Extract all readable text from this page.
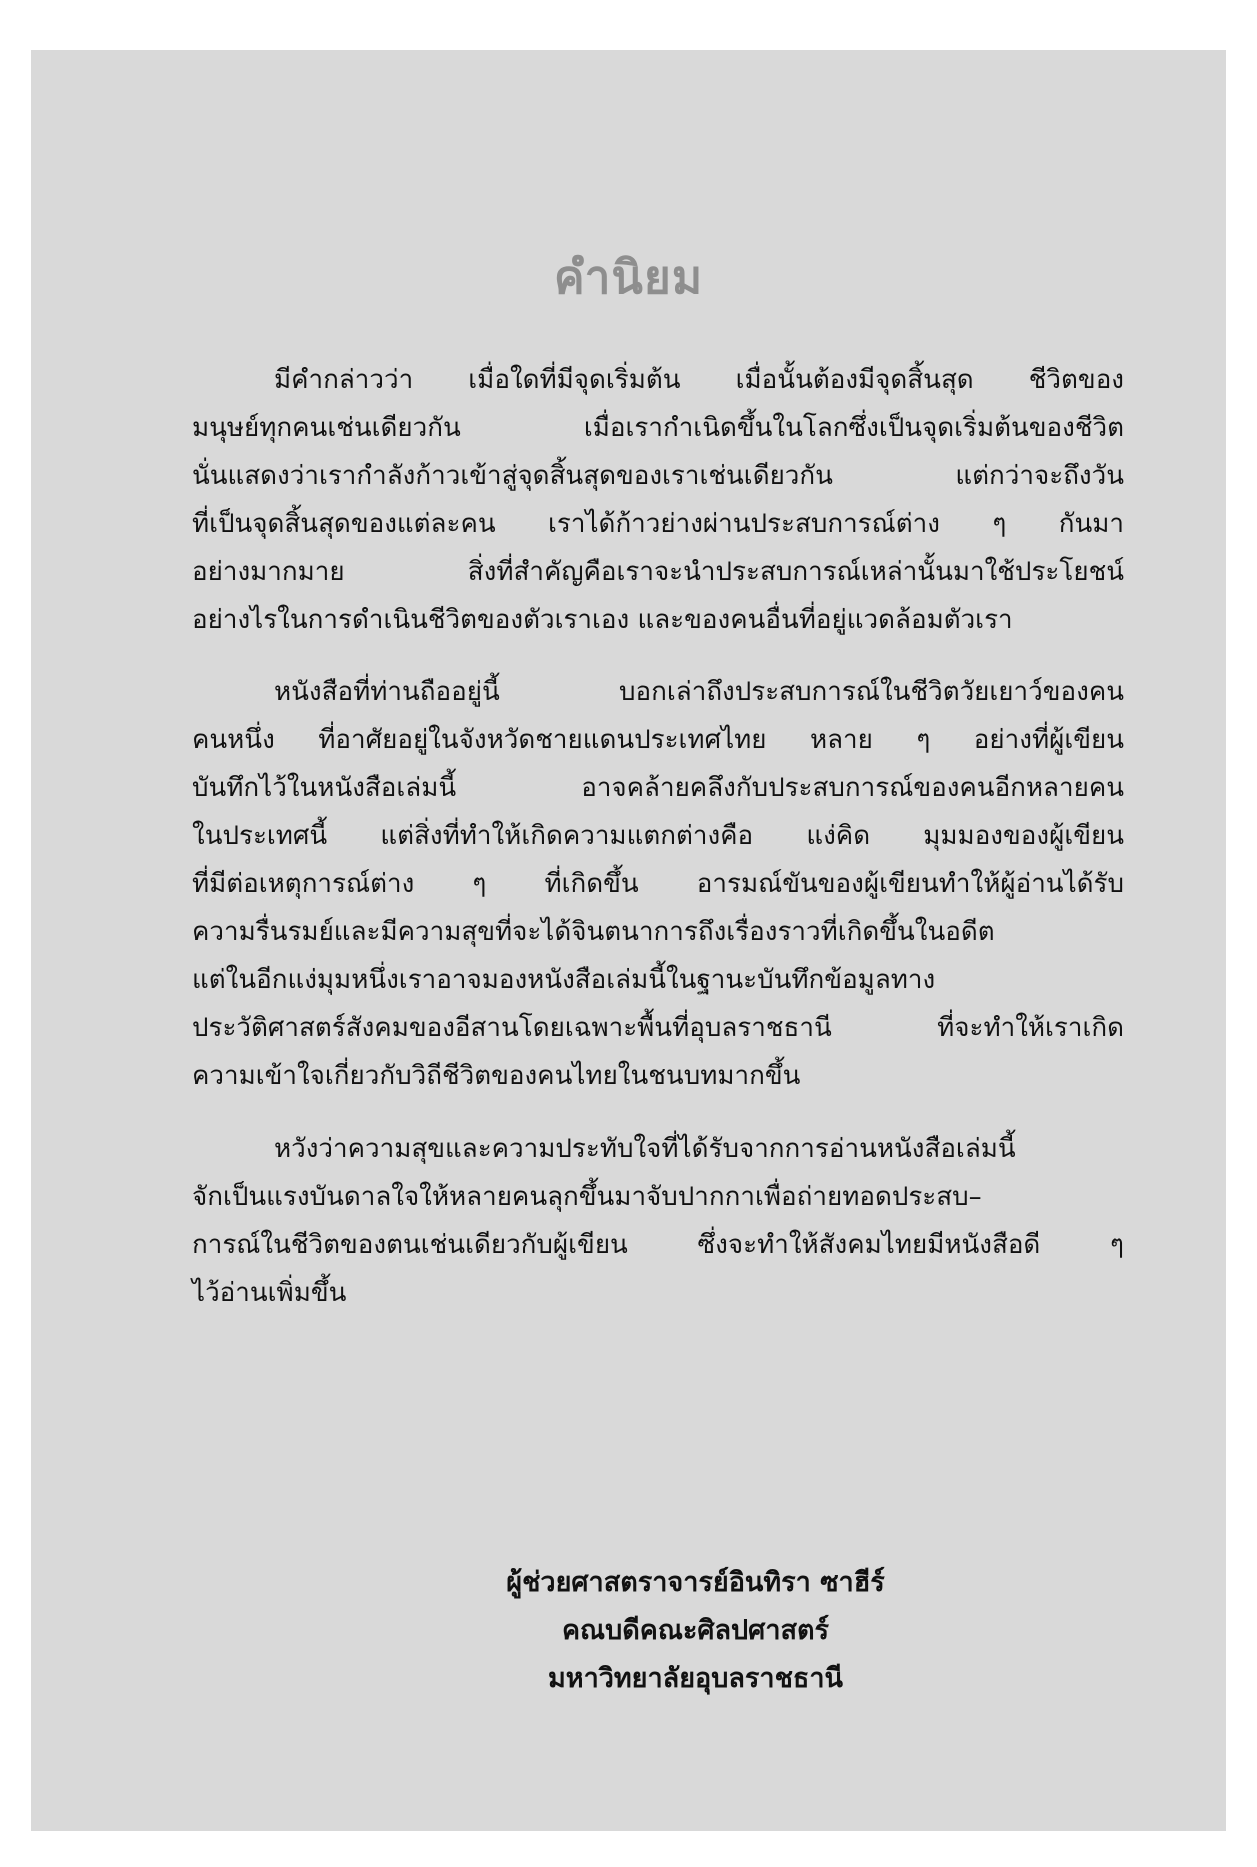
คำนิยม
มีคำกล่าวว่า เมื่อใดที่มีจุดเริ่มต้น เมื่อนั้นต้องมีจุดสิ้นสุด ชีวิตของ
มนุษย์ทุกคนเช่นเดียวกัน เมื่อเรากำเนิดขึ้นในโลกซึ่งเป็นจุดเริ่มต้นของชีวิต
นั่นแสดงว่าเรากำลังก้าวเข้าสู่จุดสิ้นสุดของเราเช่นเดียวกัน แต่กว่าจะถึงวัน
ที่เป็นจุดสิ้นสุดของแต่ละคน เราได้ก้าวย่างผ่านประสบการณ์ต่าง ๆ กันมา
อย่างมากมาย สิ่งที่สำคัญคือเราจะนำประสบการณ์เหล่านั้นมาใช้ประโยชน์
อย่างไรในการดำเนินชีวิตของตัวเราเอง และของคนอื่นที่อยู่แวดล้อมตัวเรา
หนังสือที่ท่านถืออยู่นี้ บอกเล่าถึงประสบการณ์ในชีวิตวัยเยาว์ของคน
คนหนึ่ง ที่อาศัยอยู่ในจังหวัดชายแดนประเทศไทย หลาย ๆ อย่างที่ผู้เขียน
บันทึกไว้ในหนังสือเล่มนี้ อาจคล้ายคลึงกับประสบการณ์ของคนอีกหลายคน
ในประเทศนี้ แต่สิ่งที่ทำให้เกิดความแตกต่างคือ แง่คิด มุมมองของผู้เขียน
ที่มีต่อเหตุการณ์ต่าง ๆ ที่เกิดขึ้น อารมณ์ขันของผู้เขียนทำให้ผู้อ่านได้รับ
ความรื่นรมย์และมีความสุขที่จะได้จินตนาการถึงเรื่องราวที่เกิดขึ้นในอดีต
แต่ในอีกแง่มุมหนึ่งเราอาจมองหนังสือเล่มนี้ในฐานะบันทึกข้อมูลทาง
ประวัติศาสตร์สังคมของอีสานโดยเฉพาะพื้นที่อุบลราชธานี ที่จะทำให้เราเกิด
ความเข้าใจเกี่ยวกับวิถีชีวิตของคนไทยในชนบทมากขึ้น
หวังว่าความสุขและความประทับใจที่ได้รับจากการอ่านหนังสือเล่มนี้
จักเป็นแรงบันดาลใจให้หลายคนลุกขึ้นมาจับปากกาเพื่อถ่ายทอดประสบ–
การณ์ในชีวิตของตนเช่นเดียวกับผู้เขียน ซึ่งจะทำให้สังคมไทยมีหนังสือดี ๆ
ไว้อ่านเพิ่มขึ้น
ผู้ช่วยศาสตราจารย์อินทิรา ซาฮีร์
คณบดีคณะศิลปศาสตร์
มหาวิทยาลัยอุบลราชธานี
